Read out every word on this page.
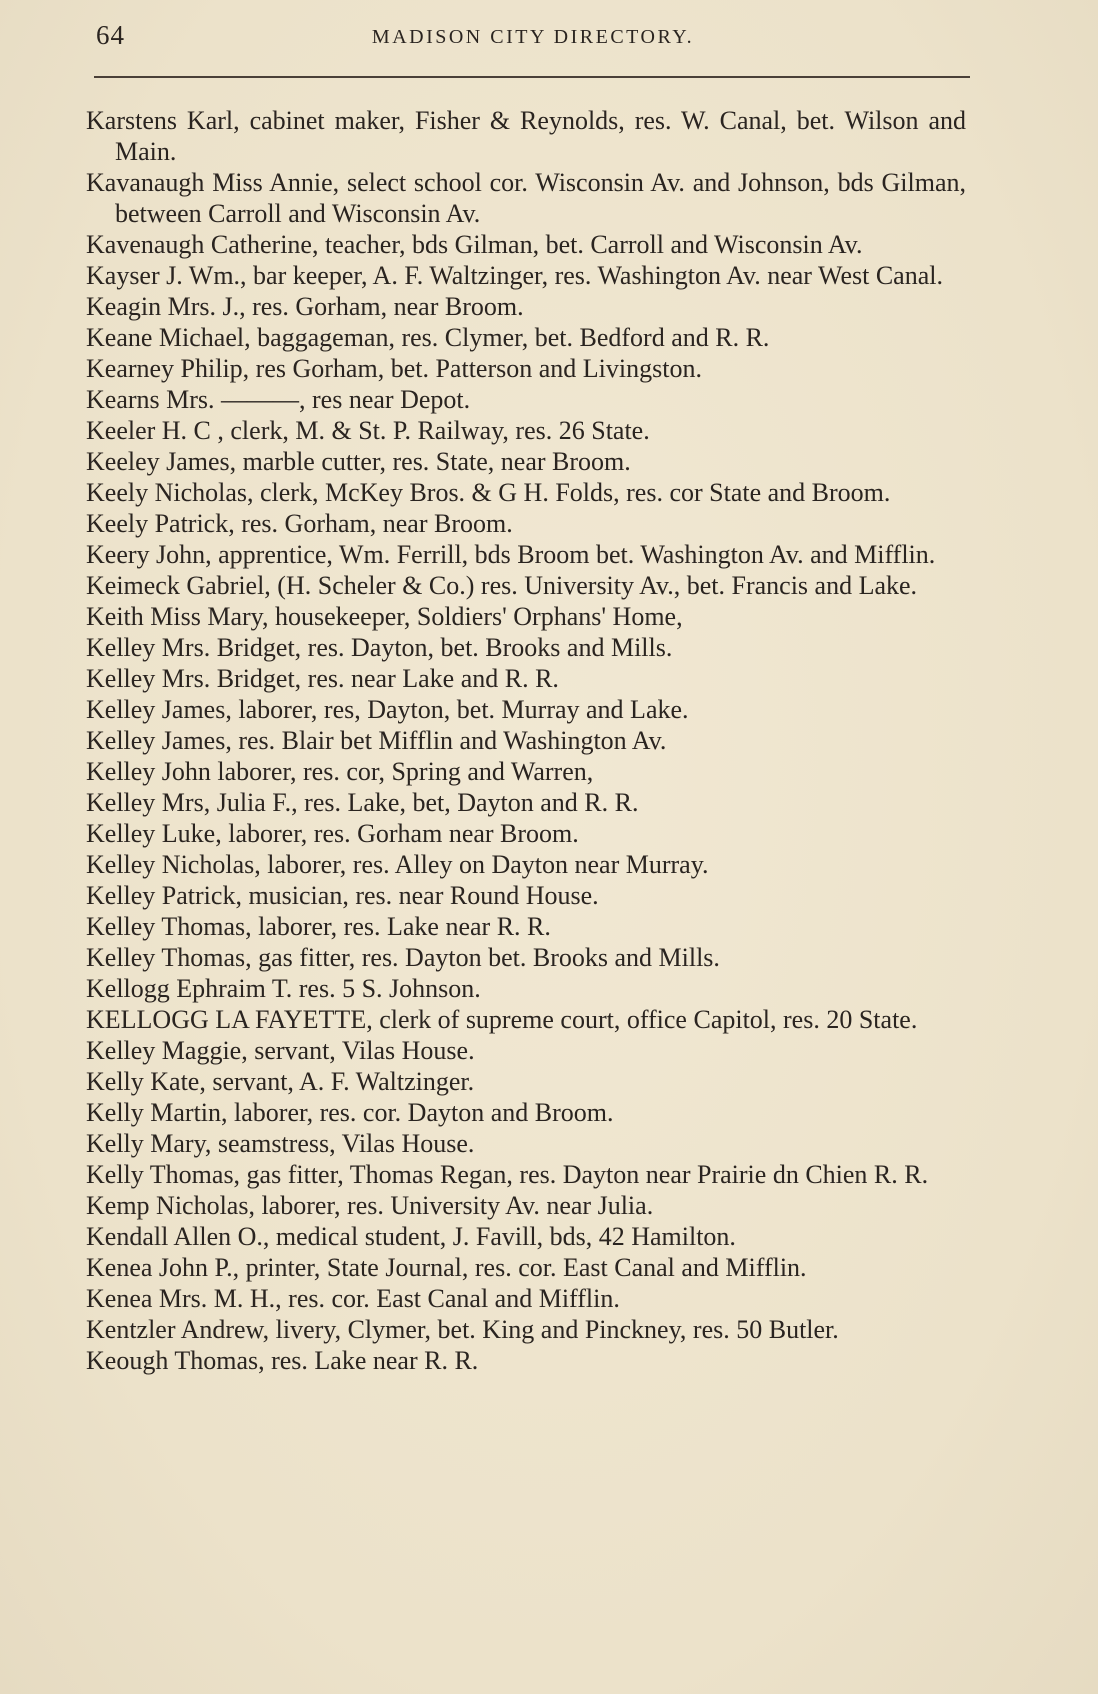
64	MADISON CITY DIRECTORY.
Karstens Karl, cabinet maker, Fisher & Reynolds, res. W. Canal, bet. Wilson and Main.
Kavanaugh Miss Annie, select school cor. Wisconsin Av. and Johnson, bds Gilman, between Carroll and Wisconsin Av.
Kavenaugh Catherine, teacher, bds Gilman, bet. Carroll and Wisconsin Av.
Kayser J. Wm., bar keeper, A. F. Waltzinger, res. Washington Av. near West Canal.
Keagin Mrs. J., res. Gorham, near Broom.
Keane Michael, baggageman, res. Clymer, bet. Bedford and R. R.
Kearney Philip, res Gorham, bet. Patterson and Livingston.
Kearns Mrs. ———, res near Depot.
Keeler H. C , clerk, M. & St. P. Railway, res. 26 State.
Keeley James, marble cutter, res. State, near Broom.
Keely Nicholas, clerk, McKey Bros. & G H. Folds, res. cor State and Broom.
Keely Patrick, res. Gorham, near Broom.
Keery John, apprentice, Wm. Ferrill, bds Broom bet. Washington Av. and Mifflin.
Keimeck Gabriel, (H. Scheler & Co.) res. University Av., bet. Francis and Lake.
Keith Miss Mary, housekeeper, Soldiers' Orphans' Home,
Kelley Mrs. Bridget, res. Dayton, bet. Brooks and Mills.
Kelley Mrs. Bridget, res. near Lake and R. R.
Kelley James, laborer, res, Dayton, bet. Murray and Lake.
Kelley James, res. Blair bet Mifflin and Washington Av.
Kelley John laborer, res. cor, Spring and Warren,
Kelley Mrs, Julia F., res. Lake, bet, Dayton and R. R.
Kelley Luke, laborer, res. Gorham near Broom.
Kelley Nicholas, laborer, res. Alley on Dayton near Murray.
Kelley Patrick, musician, res. near Round House.
Kelley Thomas, laborer, res. Lake near R. R.
Kelley Thomas, gas fitter, res. Dayton bet. Brooks and Mills.
Kellogg Ephraim T. res. 5 S. Johnson.
KELLOGG LA FAYETTE, clerk of supreme court, office Capitol, res. 20 State.
Kelley Maggie, servant, Vilas House.
Kelly Kate, servant, A. F. Waltzinger.
Kelly Martin, laborer, res. cor. Dayton and Broom.
Kelly Mary, seamstress, Vilas House.
Kelly Thomas, gas fitter, Thomas Regan, res. Dayton near Prairie dn Chien R. R.
Kemp Nicholas, laborer, res. University Av. near Julia.
Kendall Allen O., medical student, J. Favill, bds, 42 Hamilton.
Kenea John P., printer, State Journal, res. cor. East Canal and Mifflin.
Kenea Mrs. M. H., res. cor. East Canal and Mifflin.
Kentzler Andrew, livery, Clymer, bet. King and Pinckney, res. 50 Butler.
Keough Thomas, res. Lake near R. R.
